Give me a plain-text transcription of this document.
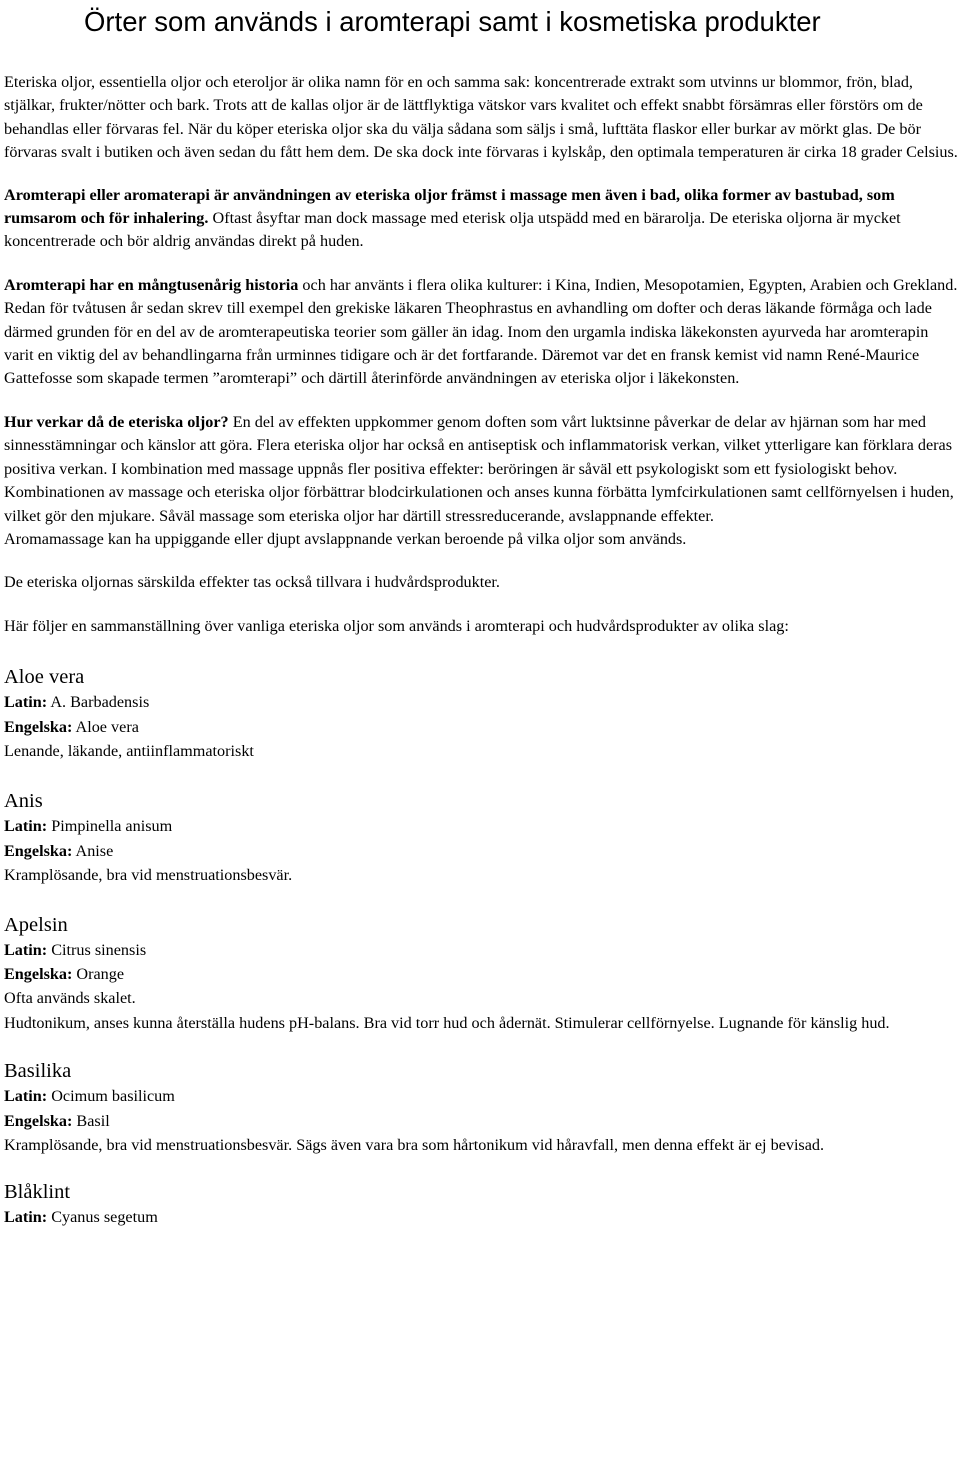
Örter som används i aromterapi samt i kosmetiska produkter

Eteriska oljor, essentiella oljor och eteroljor är olika namn för en och samma sak: koncentrerade extrakt som utvinns ur blommor, frön, blad, stjälkar, frukter/nötter och bark. Trots att de kallas oljor är de lättflyktiga vätskor vars kvalitet och effekt snabbt försämras eller förstörs om de behandlas eller förvaras fel. När du köper eteriska oljor ska du välja sådana som säljs i små, lufttäta flaskor eller burkar av mörkt glas. De bör förvaras svalt i butiken och även sedan du fått hem dem. De ska dock inte förvaras i kylskåp, den optimala temperaturen är cirka 18 grader Celsius.

Aromterapi eller aromaterapi är användningen av eteriska oljor främst i massage men även i bad, olika former av bastubad, som rumsarom och för inhalering. Oftast åsyftar man dock massage med eterisk olja utspädd med en bärarolja. De eteriska oljorna är mycket koncentrerade och bör aldrig användas direkt på huden.

Aromterapi har en mångtusenårig historia och har använts i flera olika kulturer: i Kina, Indien, Mesopotamien, Egypten, Arabien och Grekland. Redan för tvåtusen år sedan skrev till exempel den grekiske läkaren Theophrastus en avhandling om dofter och deras läkande förmåga och lade därmed grunden för en del av de aromterapeutiska teorier som gäller än idag. Inom den urgamla indiska läkekonsten ayurveda har aromterapin varit en viktig del av behandlingarna från urminnes tidigare och är det fortfarande. Däremot var det en fransk kemist vid namn René-Maurice Gattefosse som skapade termen ”aromterapi” och därtill återinförde användningen av eteriska oljor i läkekonsten.

Hur verkar då de eteriska oljor? En del av effekten uppkommer genom doften som vårt luktsinne påverkar de delar av hjärnan som har med sinnesstämningar och känslor att göra. Flera eteriska oljor har också en antiseptisk och inflammatorisk verkan, vilket ytterligare kan förklara deras positiva verkan. I kombination med massage uppnås fler positiva effekter: beröringen är såväl ett psykologiskt som ett fysiologiskt behov. Kombinationen av massage och eteriska oljor förbättrar blodcirkulationen och anses kunna förbätta lymfcirkulationen samt cellförnyelsen i huden, vilket gör den mjukare. Såväl massage som eteriska oljor har därtill stressreducerande, avslappnande effekter.

Aromamassage kan ha uppiggande eller djupt avslappnande verkan beroende på vilka oljor som används.

De eteriska oljornas särskilda effekter tas också tillvara i hudvårdsprodukter.

Här följer en sammanställning över vanliga eteriska oljor som används i aromterapi och hudvårdsprodukter av olika slag:

Aloe vera

Latin: A. Barbadensis

Engelska: Aloe vera

Lenande, läkande, antiinflammatoriskt

Anis

Latin: Pimpinella anisum

Engelska: Anise

Kramplösande, bra vid menstruationsbesvär.

Apelsin

Latin: Citrus sinensis

Engelska: Orange

Ofta används skalet.

Hudtonikum, anses kunna återställa hudens pH-balans. Bra vid torr hud och ådernät. Stimulerar cellförnyelse. Lugnande för känslig hud.

Basilika

Latin: Ocimum basilicum

Engelska: Basil

Kramplösande, bra vid menstruationsbesvär. Sägs även vara bra som hårtonikum vid håravfall, men denna effekt är ej bevisad.

Blåklint

Latin: Cyanus segetum
